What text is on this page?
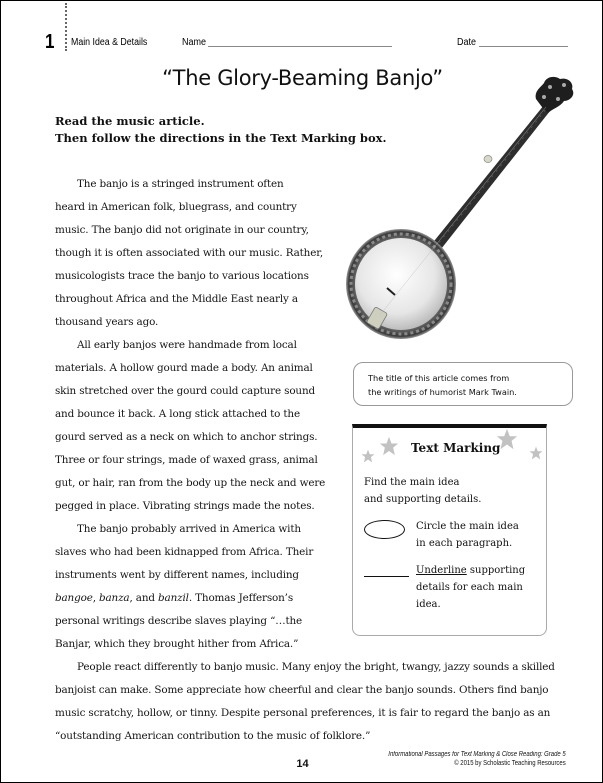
1 Main Idea & Details	Name	Date
“The Glory-Beaming Banjo”
Read the music article.
Then follow the directions in the Text Marking box.
The banjo is a stringed instrument often
heard in American folk, bluegrass, and country
music. The banjo did not originate in our country,
though it is often associated with our music. Rather,
musicologists trace the banjo to various locations
throughout Africa and the Middle East nearly a
thousand years ago.
All early banjos were handmade from local
materials. A hollow gourd made a body. An animal
skin stretched over the gourd could capture sound
and bounce it back. A long stick attached to the
gourd served as a neck on which to anchor strings.
Three or four strings, made of waxed grass, animal
gut, or hair, ran from the body up the neck and were
pegged in place. Vibrating strings made the notes.
The banjo probably arrived in America with
slaves who had been kidnapped from Africa. Their
instruments went by different names, including
bangoe, banza, and banzil. Thomas Jefferson’s
personal writings describe slaves playing “…the
Banjar, which they brought hither from Africa.”
People react differently to banjo music. Many enjoy the bright, twangy, jazzy sounds a skilled
banjoist can make. Some appreciate how cheerful and clear the banjo sounds. Others find banjo
music scratchy, hollow, or tinny. Despite personal preferences, it is fair to regard the banjo as an
“outstanding American contribution to the music of folklore.”
The title of this article comes from
the writings of humorist Mark Twain.
Text Marking
Find the main idea
and supporting details.
Circle the main idea
in each paragraph.
Underline supporting
details for each main
idea.
14
Informational Passages for Text Marking & Close Reading: Grade 5
© 2015 by Scholastic Teaching Resources
